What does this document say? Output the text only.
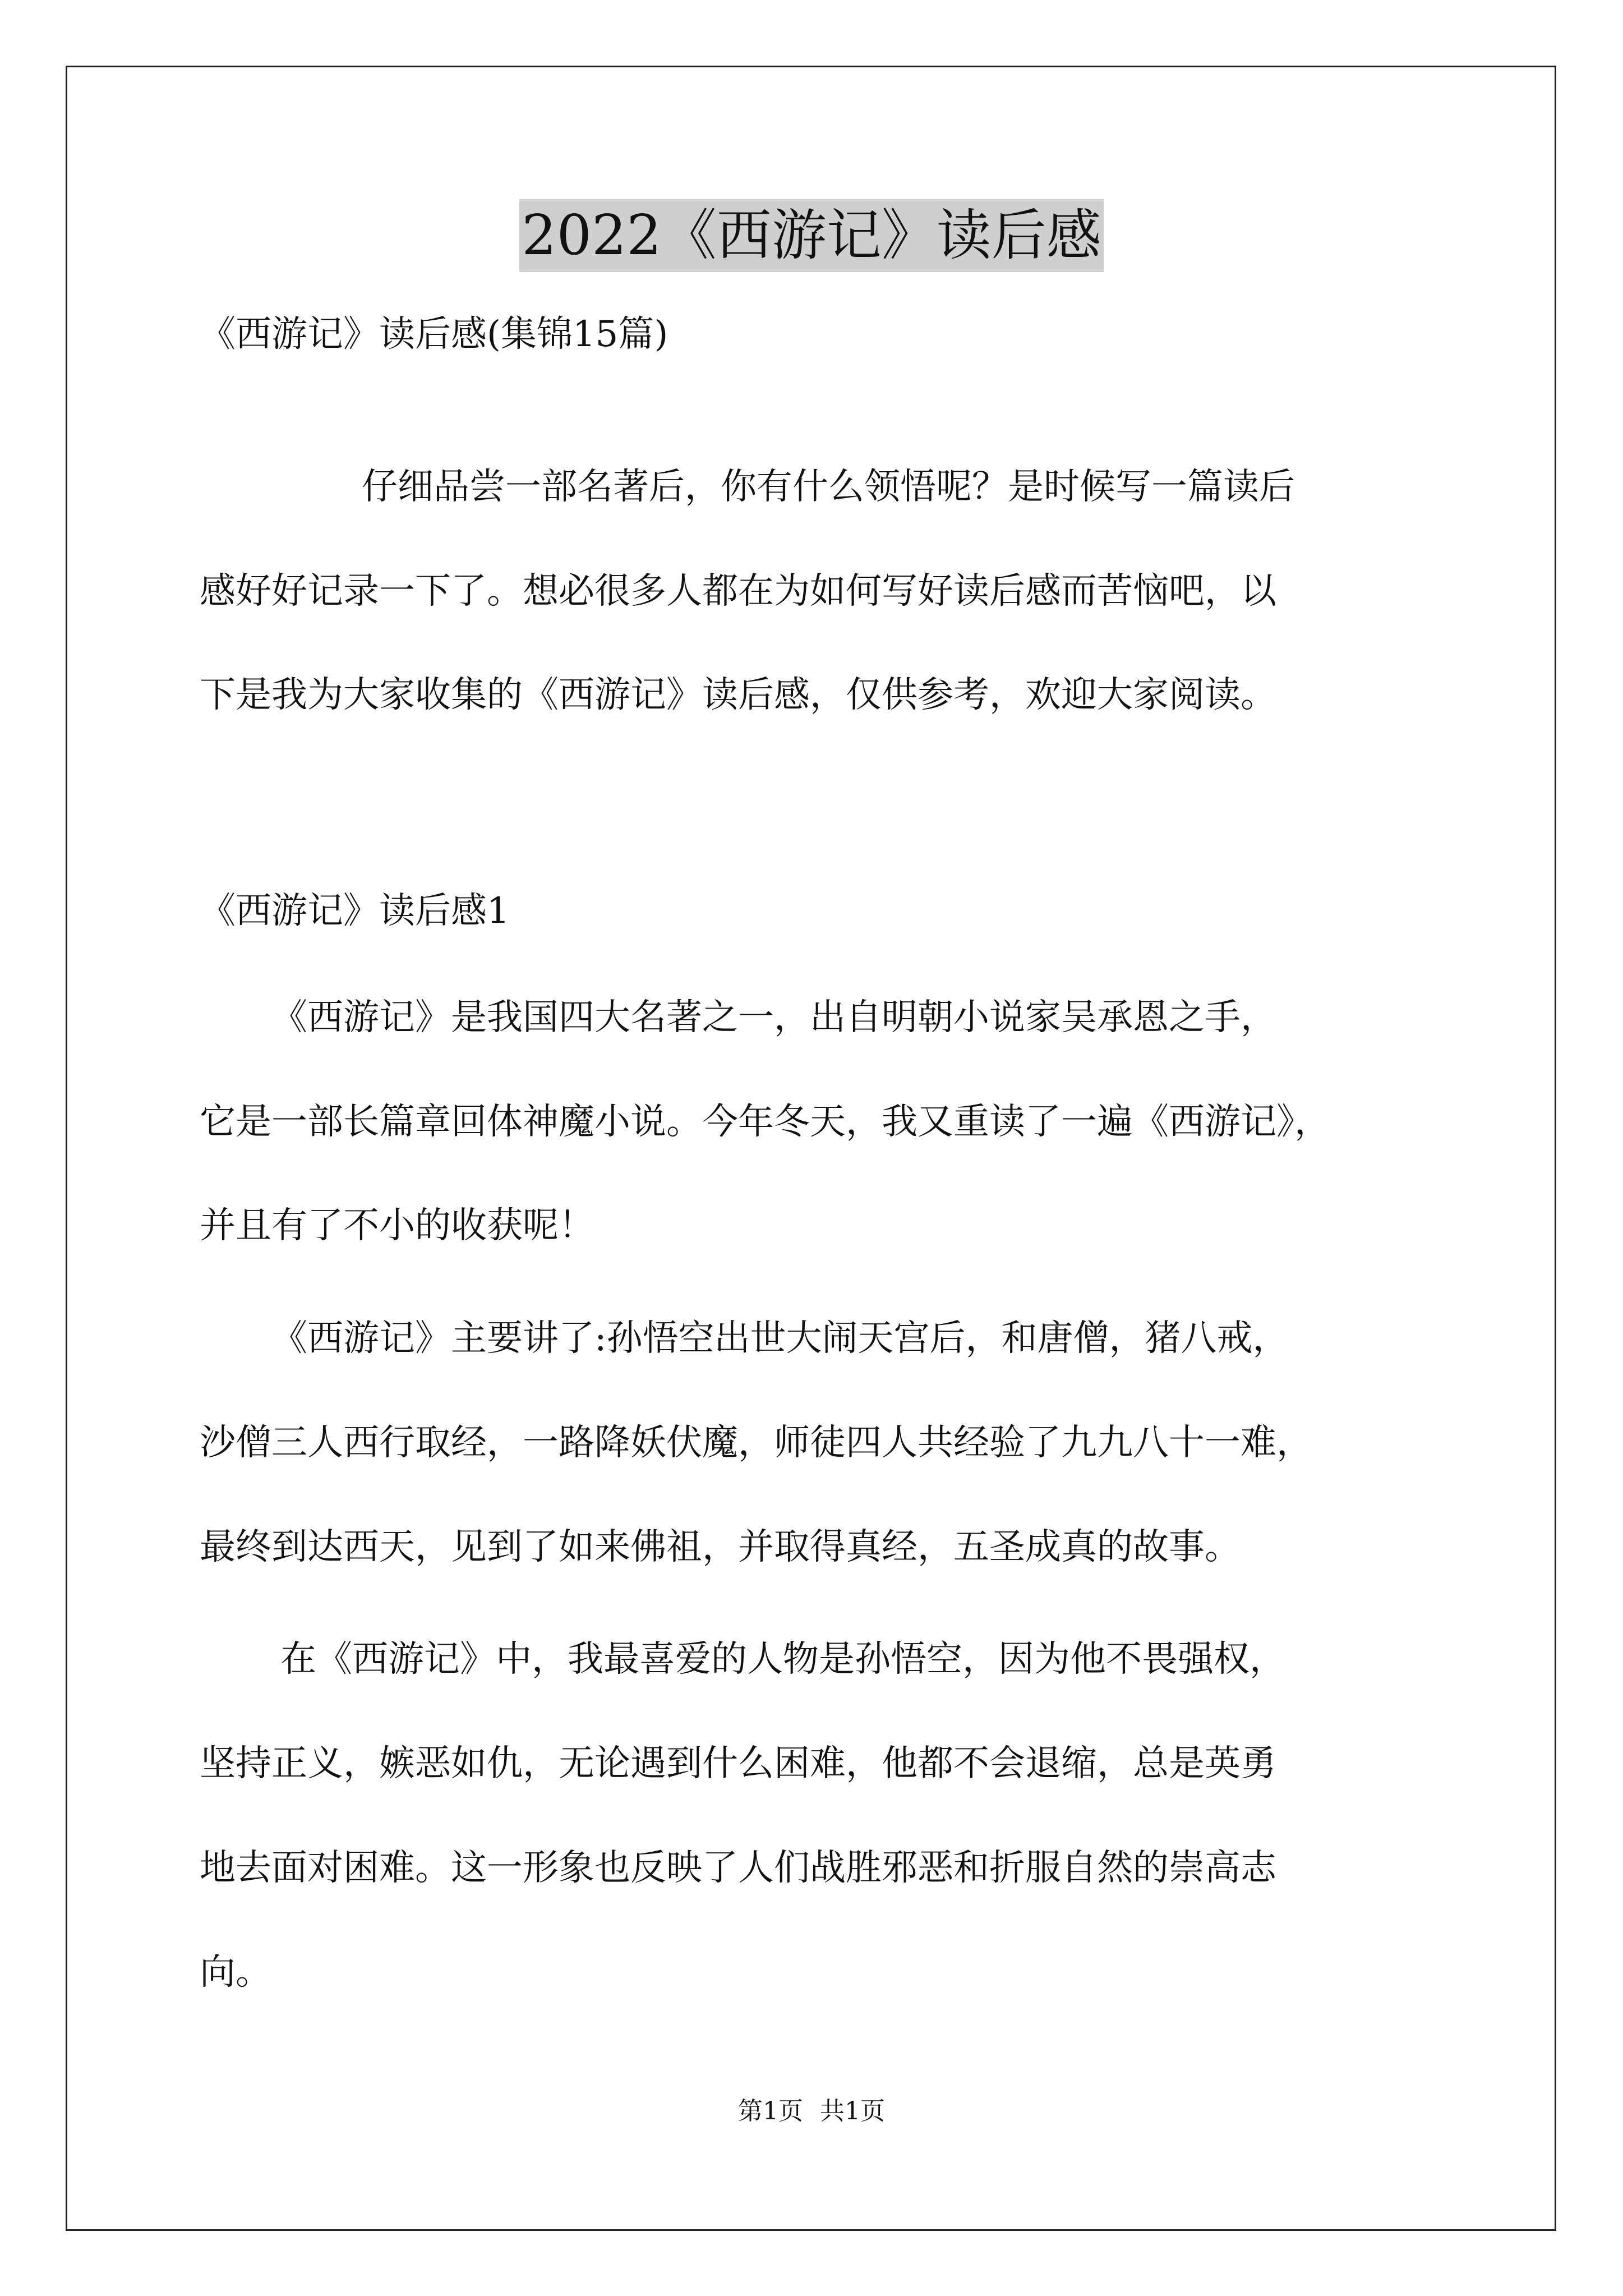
2022《西游记》读后感
《西游记》读后感(集锦15篇)
仔细品尝一部名著后，你有什么领悟呢？是时候写一篇读后
感好好记录一下了。想必很多人都在为如何写好读后感而苦恼吧，以
下是我为大家收集的《西游记》读后感，仅供参考，欢迎大家阅读。
《西游记》读后感1
《西游记》是我国四大名著之一，出自明朝小说家吴承恩之手，
它是一部长篇章回体神魔小说。今年冬天，我又重读了一遍《西游记》，
并且有了不小的收获呢！
《西游记》主要讲了:孙悟空出世大闹天宫后，和唐僧，猪八戒，
沙僧三人西行取经，一路降妖伏魔，师徒四人共经验了九九八十一难，
最终到达西天，见到了如来佛祖，并取得真经，五圣成真的故事。
在《西游记》中，我最喜爱的人物是孙悟空，因为他不畏强权，
坚持正义，嫉恶如仇，无论遇到什么困难，他都不会退缩，总是英勇
地去面对困难。这一形象也反映了人们战胜邪恶和折服自然的崇高志
向。
第1页 共1页
